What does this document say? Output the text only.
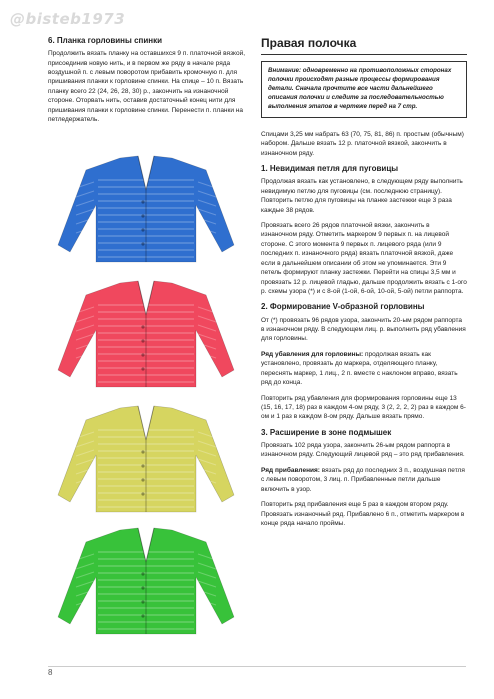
@bisteb1973

6. Планка горловины спинки

Продолжить вязать планку на оставшихся 9 п. платочной вязкой, присоединив новую нить, и в первом же ряду в начале ряда воздушной п. с левым поворотом прибавить кромочную п. для пришивания планки к горловине спинки. На спице – 10 п. Вязать планку всего 22 (24, 26, 28, 30) р., закончить на изнаночной стороне. Оторвать нить, оставив достаточный конец нити для пришивания планки к горловине спинки. Перенести п. планки на петледержатель.

Правая полочка
Внимание: одновременно на противоположных сторонах полочки происходят разные процессы формирования детали. Сначала прочтите все части дальнейшего описания полочки и следите за последовательностью выполнения этапов в чертеже перед на 7 стр.

Спицами 3,25 мм набрать 63 (70, 75, 81, 86) п. простым (обычным) набором. Дальше вязать 12 р. платочной вязкой, закончить в изнаночном ряду.

1. Невидимая петля для пуговицы

Продолжая вязать как установлено, в следующем ряду выполнить невидимую петлю для пуговицы (см. последнюю страницу). Повторить петлю для пуговицы на планке застежки еще 3 раза каждые 38 рядов.

Провязать всего 26 рядов платочной вязки, закончить в изнаночном ряду. Отметить маркером 9 первых п. на лицевой стороне. С этого момента 9 первых п. лицевого ряда (или 9 последних п. изнаночного ряда) вязать платочной вязкой, даже если в дальнейшем описании об этом не упоминается. Эти 9 петель формируют планку застежки. Перейти на спицы 3,5 мм и провязать 12 р. лицевой гладью, дальше продолжить вязать с 1-ого р. схемы узора (*) и с 8-ой (1-ой, 6-ой, 10-ой, 5-ой) петли раппорта.

2. Формирование V-образной горловины

От (*) провязать 96 рядов узора, закончить 20-ым рядом раппорта в изнаночном ряду. В следующем лиц. р. выполнить ряд убавления для горловины.

Ряд убавления для горловины: продолжая вязать как установлено, провязать до маркера, отделяющего планку, переснять маркер, 1 лиц., 2 п. вместе с наклоном вправо, вязать ряд до конца.

Повторить ряд убавления для формирования горловины еще 13 (15, 16, 17, 18) раз в каждом 4-ом ряду, 3 (2, 2, 2, 2) раз в каждом 6-ом и 1 раз в каждом 8-ом ряду. Дальше вязать прямо.

3. Расширение в зоне подмышек

Провязать 102 ряда узора, закончить 26-ым рядом раппорта в изнаночном ряду. Следующий лицевой ряд – это ряд прибавления.

Ряд прибавления: вязать ряд до последних 3 п., воздушная петля с левым поворотом, 3 лиц. п. Прибавленные петли дальше включить в узор.

Повторить ряд прибавления еще 5 раз в каждом втором ряду. Провязать изнаночный ряд. Прибавлено 6 п., отметить маркером в конце ряда начало проймы.

8
